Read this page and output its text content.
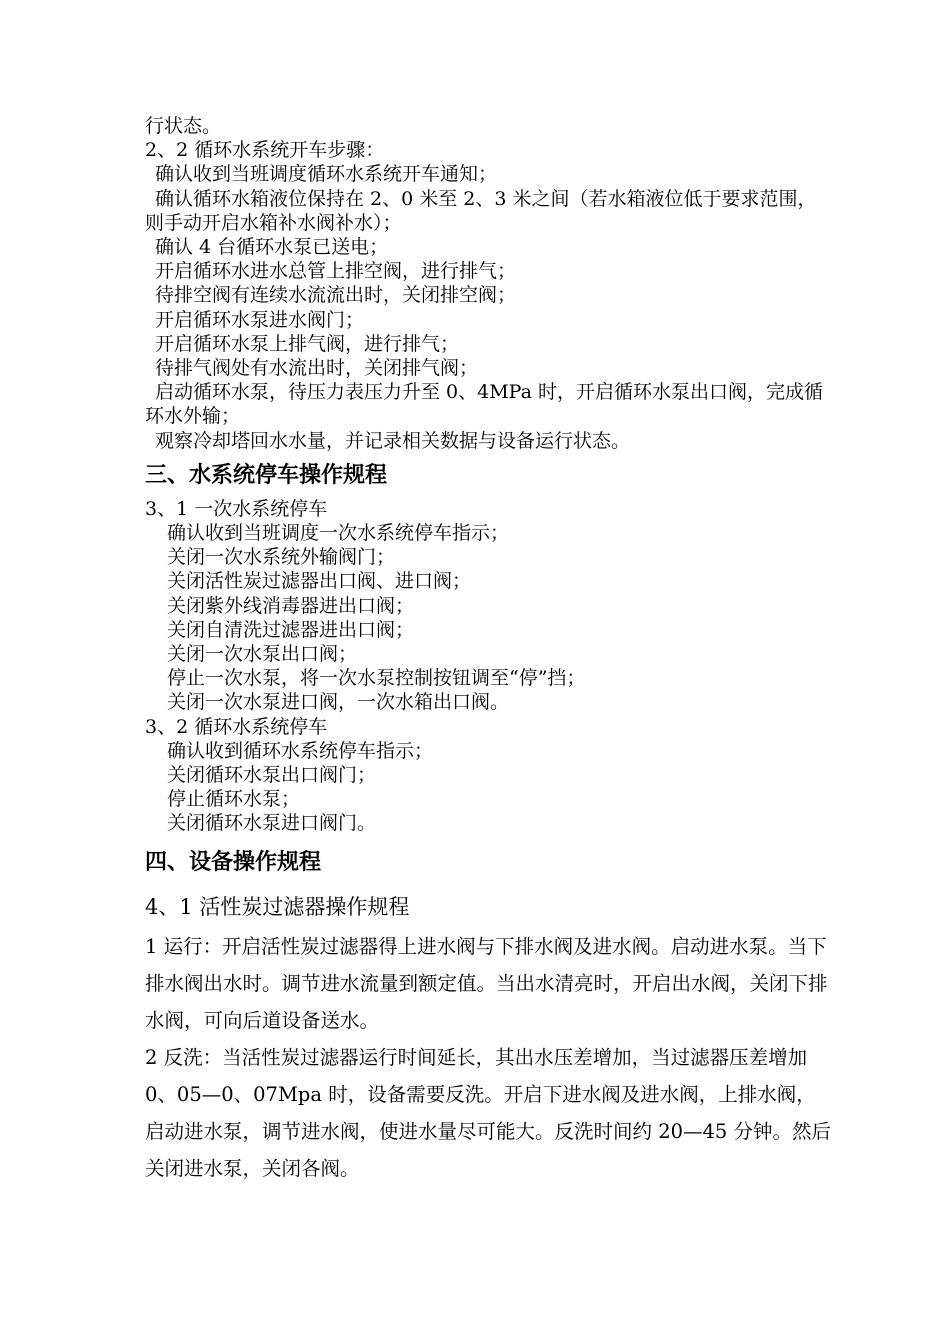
行状态。
2、2 循环水系统开车步骤：
确认收到当班调度循环水系统开车通知；
确认循环水箱液位保持在 2、0 米至 2、3 米之间（若水箱液位低于要求范围，则手动开启水箱补水阀补水）；
确认 4 台循环水泵已送电；
开启循环水进水总管上排空阀，进行排气；
待排空阀有连续水流流出时，关闭排空阀；
开启循环水泵进水阀门；
开启循环水泵上排气阀，进行排气；
待排气阀处有水流出时，关闭排气阀；
启动循环水泵，待压力表压力升至 0、4MPa 时，开启循环水泵出口阀，完成循环水外输；
观察冷却塔回水水量，并记录相关数据与设备运行状态。
三、水系统停车操作规程
3、1 一次水系统停车
确认收到当班调度一次水系统停车指示；
关闭一次水系统外输阀门；
关闭活性炭过滤器出口阀、进口阀；
关闭紫外线消毒器进出口阀；
关闭自清洗过滤器进出口阀；
关闭一次水泵出口阀；
停止一次水泵，将一次水泵控制按钮调至“停”挡；
关闭一次水泵进口阀，一次水箱出口阀。
3、2 循环水系统停车
确认收到循环水系统停车指示；
关闭循环水泵出口阀门；
停止循环水泵；
关闭循环水泵进口阀门。
四、设备操作规程
4、1 活性炭过滤器操作规程
1 运行：开启活性炭过滤器得上进水阀与下排水阀及进水阀。启动进水泵。当下排水阀出水时。调节进水流量到额定值。当出水清亮时，开启出水阀，关闭下排水阀，可向后道设备送水。
2 反洗：当活性炭过滤器运行时间延长，其出水压差增加，当过滤器压差增加 0、05—0、07Mpa 时，设备需要反洗。开启下进水阀及进水阀，上排水阀，启动进水泵，调节进水阀，使进水量尽可能大。反洗时间约 20—45 分钟。然后关闭进水泵，关闭各阀。
